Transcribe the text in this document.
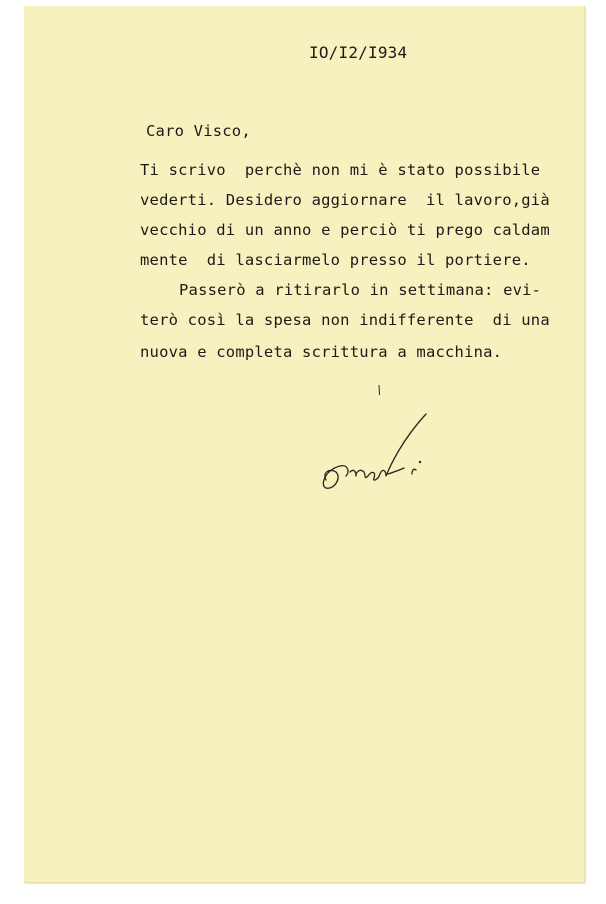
IO/I2/I934
Caro Visco,
Ti scrivo  perchè non mi è stato possibile
vederti. Desidero aggiornare  il lavoro,già
vecchio di un anno e perciò ti prego caldam
mente  di lasciarmelo presso il portiere.
Passerò a ritirarlo in settimana: evi-
terò così la spesa non indifferente  di una
nuova e completa scrittura a macchina.
